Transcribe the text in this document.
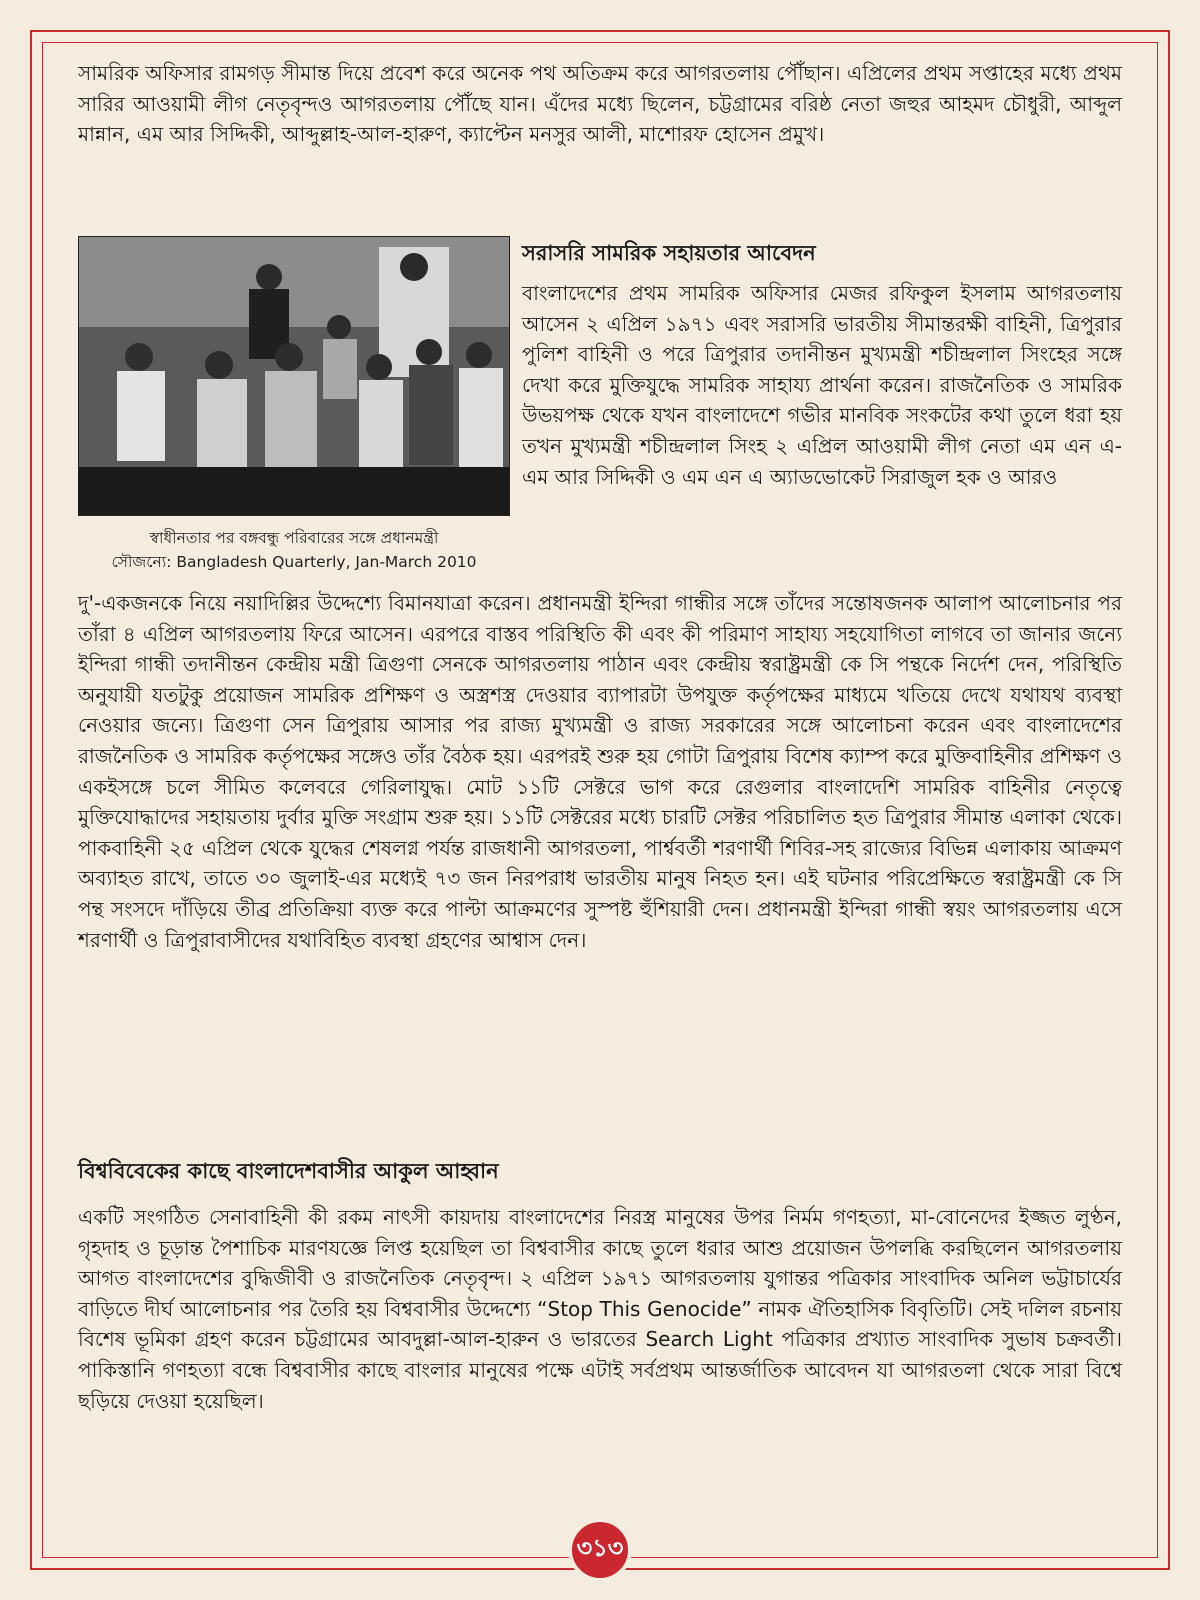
সামরিক অফিসার রামগড় সীমান্ত দিয়ে প্রবেশ করে অনেক পথ অতিক্রম করে আগরতলায় পৌঁছান। এপ্রিলের প্রথম সপ্তাহের মধ্যে প্রথম সারির আওয়ামী লীগ নেতৃবৃন্দও আগরতলায় পৌঁছে যান। এঁদের মধ্যে ছিলেন, চট্টগ্রামের বরিষ্ঠ নেতা জহুর আহমদ চৌধুরী, আব্দুল মান্নান, এম আর সিদ্দিকী, আব্দুল্লাহ-আল-হারুণ, ক্যাপ্টেন মনসুর আলী, মাশোরফ হোসেন প্রমুখ।

স্বাধীনতার পর বঙ্গবন্ধু পরিবারের সঙ্গে প্রধানমন্ত্রী
সৌজন্যে: Bangladesh Quarterly, Jan-March 2010
সরাসরি সামরিক সহায়তার আবেদন

বাংলাদেশের প্রথম সামরিক অফিসার মেজর রফিকুল ইসলাম আগরতলায় আসেন ২ এপ্রিল ১৯৭১ এবং সরাসরি ভারতীয় সীমান্তরক্ষী বাহিনী, ত্রিপুরার পুলিশ বাহিনী ও পরে ত্রিপুরার তদানীন্তন মুখ্যমন্ত্রী শচীন্দ্রলাল সিংহের সঙ্গে দেখা করে মুক্তিযুদ্ধে সামরিক সাহায্য প্রার্থনা করেন। রাজনৈতিক ও সামরিক উভয়পক্ষ থেকে যখন বাংলাদেশে গভীর মানবিক সংকটের কথা তুলে ধরা হয় তখন মুখ্যমন্ত্রী শচীন্দ্রলাল সিংহ ২ এপ্রিল আওয়ামী লীগ নেতা এম এন এ-এম আর সিদ্দিকী ও এম এন এ অ্যাডভোকেট সিরাজুল হক ও আরও

দু'-একজনকে নিয়ে নয়াদিল্লির উদ্দেশ্যে বিমানযাত্রা করেন। প্রধানমন্ত্রী ইন্দিরা গান্ধীর সঙ্গে তাঁদের সন্তোষজনক আলাপ আলোচনার পর তাঁরা ৪ এপ্রিল আগরতলায় ফিরে আসেন। এরপরে বাস্তব পরিস্থিতি কী এবং কী পরিমাণ সাহায্য সহযোগিতা লাগবে তা জানার জন্যে ইন্দিরা গান্ধী তদানীন্তন কেন্দ্রীয় মন্ত্রী ত্রিগুণা সেনকে আগরতলায় পাঠান এবং কেন্দ্রীয় স্বরাষ্ট্রমন্ত্রী কে সি পন্থকে নির্দেশ দেন, পরিস্থিতি অনুযায়ী যতটুকু প্রয়োজন সামরিক প্রশিক্ষণ ও অস্ত্রশস্ত্র দেওয়ার ব্যাপারটা উপযুক্ত কর্তৃপক্ষের মাধ্যমে খতিয়ে দেখে যথাযথ ব্যবস্থা নেওয়ার জন্যে। ত্রিগুণা সেন ত্রিপুরায় আসার পর রাজ্য মুখ্যমন্ত্রী ও রাজ্য সরকারের সঙ্গে আলোচনা করেন এবং বাংলাদেশের রাজনৈতিক ও সামরিক কর্তৃপক্ষের সঙ্গেও তাঁর বৈঠক হয়। এরপরই শুরু হয় গোটা ত্রিপুরায় বিশেষ ক্যাম্প করে মুক্তিবাহিনীর প্রশিক্ষণ ও একইসঙ্গে চলে সীমিত কলেবরে গেরিলাযুদ্ধ। মোট ১১টি সেক্টরে ভাগ করে রেগুলার বাংলাদেশি সামরিক বাহিনীর নেতৃত্বে মুক্তিযোদ্ধাদের সহায়তায় দুর্বার মুক্তি সংগ্রাম শুরু হয়। ১১টি সেক্টরের মধ্যে চারটি সেক্টর পরিচালিত হত ত্রিপুরার সীমান্ত এলাকা থেকে। পাকবাহিনী ২৫ এপ্রিল থেকে যুদ্ধের শেষলগ্ন পর্যন্ত রাজধানী আগরতলা, পার্শ্ববর্তী শরণার্থী শিবির-সহ রাজ্যের বিভিন্ন এলাকায় আক্রমণ অব্যাহত রাখে, তাতে ৩০ জুলাই-এর মধ্যেই ৭৩ জন নিরপরাধ ভারতীয় মানুষ নিহত হন। এই ঘটনার পরিপ্রেক্ষিতে স্বরাষ্ট্রমন্ত্রী কে সি পন্থ সংসদে দাঁড়িয়ে তীব্র প্রতিক্রিয়া ব্যক্ত করে পাল্টা আক্রমণের সুস্পষ্ট হুঁশিয়ারী দেন। প্রধানমন্ত্রী ইন্দিরা গান্ধী স্বয়ং আগরতলায় এসে শরণার্থী ও ত্রিপুরাবাসীদের যথাবিহিত ব্যবস্থা গ্রহণের আশ্বাস দেন।

বিশ্ববিবেকের কাছে বাংলাদেশবাসীর আকুল আহ্বান

একটি সংগঠিত সেনাবাহিনী কী রকম নাৎসী কায়দায় বাংলাদেশের নিরস্ত্র মানুষের উপর নির্মম গণহত্যা, মা-বোনেদের ইজ্জত লুণ্ঠন, গৃহদাহ ও চূড়ান্ত পৈশাচিক মারণযজ্ঞে লিপ্ত হয়েছিল তা বিশ্ববাসীর কাছে তুলে ধরার আশু প্রয়োজন উপলব্ধি করছিলেন আগরতলায় আগত বাংলাদেশের বুদ্ধিজীবী ও রাজনৈতিক নেতৃবৃন্দ। ২ এপ্রিল ১৯৭১ আগরতলায় যুগান্তর পত্রিকার সাংবাদিক অনিল ভট্টাচার্যের বাড়িতে দীর্ঘ আলোচনার পর তৈরি হয় বিশ্ববাসীর উদ্দেশ্যে “Stop This Genocide” নামক ঐতিহাসিক বিবৃতিটি। সেই দলিল রচনায় বিশেষ ভূমিকা গ্রহণ করেন চট্টগ্রামের আবদুল্লা-আল-হারুন ও ভারতের Search Light পত্রিকার প্রখ্যাত সাংবাদিক সুভাষ চক্রবর্তী। পাকিস্তানি গণহত্যা বন্ধে বিশ্ববাসীর কাছে বাংলার মানুষের পক্ষে এটাই সর্বপ্রথম আন্তর্জাতিক আবেদন যা আগরতলা থেকে সারা বিশ্বে ছড়িয়ে দেওয়া হয়েছিল।

৩১৩
